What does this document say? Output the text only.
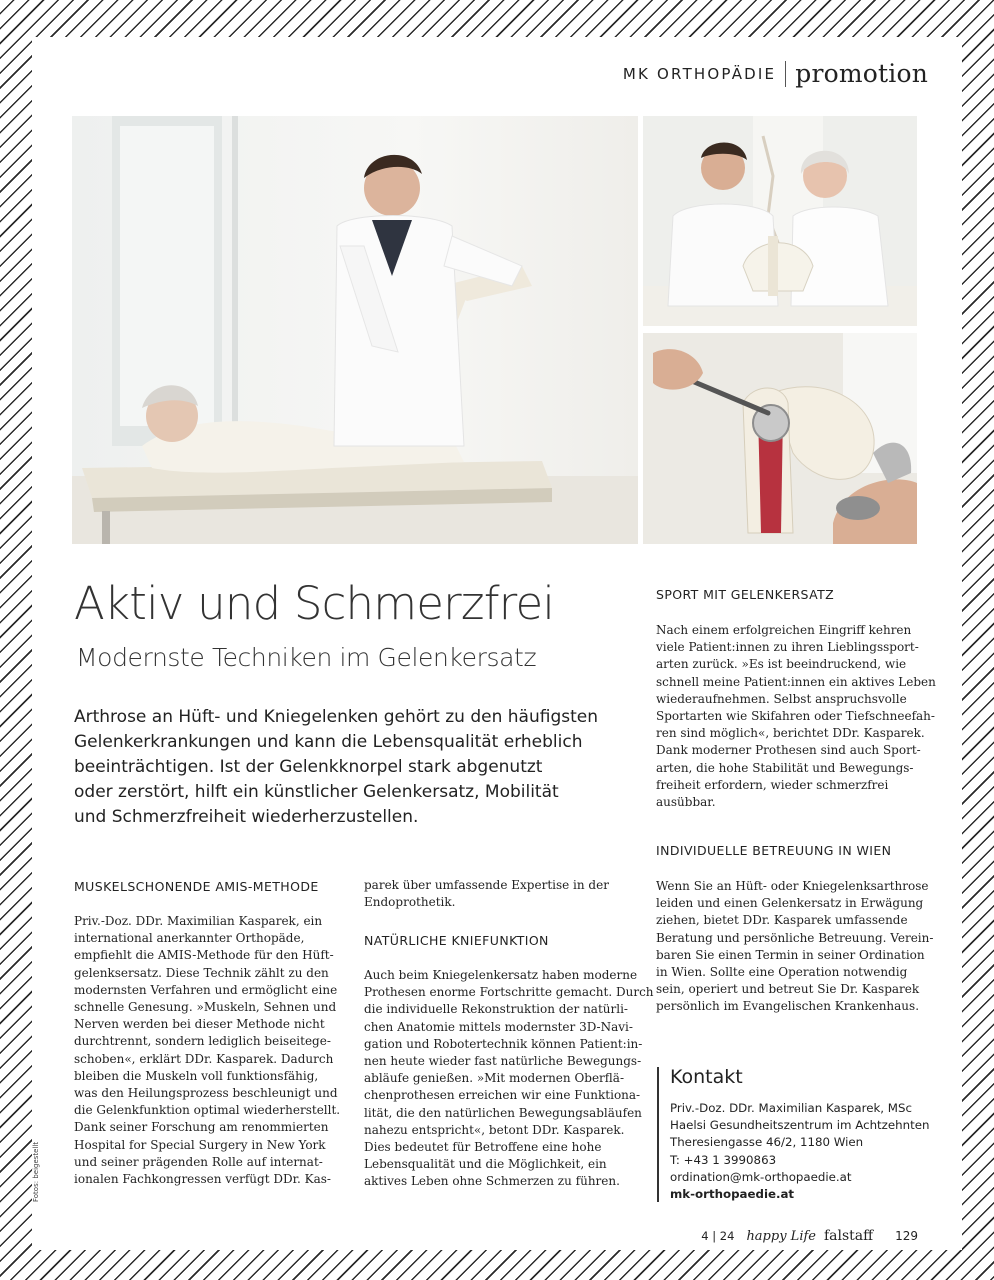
MK ORTHOPÄDIE promotion
Aktiv und Schmerzfrei
Modernste Techniken im Gelenkersatz
Arthrose an Hüft- und Kniegelenken gehört zu den häufigsten
Gelenkerkrankungen und kann die Lebensqualität erheblich
beeinträchtigen. Ist der Gelenkknorpel stark abgenutzt
oder zerstört, hilft ein künstlicher Gelenkersatz, Mobilität
und Schmerzfreiheit wiederherzustellen.
MUSKELSCHONENDE AMIS-METHODE
Priv.-Doz. DDr. Maximilian Kasparek, ein
international anerkannter Orthopäde,
empfiehlt die AMIS-Methode für den Hüft-
gelenksersatz. Diese Technik zählt zu den
modernsten Verfahren und ermöglicht eine
schnelle Genesung. »Muskeln, Sehnen und
Nerven werden bei dieser Methode nicht
durchtrennt, sondern lediglich beiseitege-
schoben«, erklärt DDr. Kasparek. Dadurch
bleiben die Muskeln voll funktionsfähig,
was den Heilungsprozess beschleunigt und
die Gelenkfunktion optimal wiederherstellt.
Dank seiner Forschung am renommierten
Hospital for Special Surgery in New York
und seiner prägenden Rolle auf internat-
ionalen Fachkongressen verfügt DDr. Kas-
parek über umfassende Expertise in der
Endoprothetik.
NATÜRLICHE KNIEFUNKTION
Auch beim Kniegelenkersatz haben moderne
Prothesen enorme Fortschritte gemacht. Durch
die individuelle Rekonstruktion der natürli-
chen Anatomie mittels modernster 3D-Navi-
gation und Robotertechnik können Patient:in-
nen heute wieder fast natürliche Bewegungs-
abläufe genießen. »Mit modernen Oberflä-
chenprothesen erreichen wir eine Funktiona-
lität, die den natürlichen Bewegungsabläufen
nahezu entspricht«, betont DDr. Kasparek.
Dies bedeutet für Betroffene eine hohe
Lebensqualität und die Möglichkeit, ein
aktives Leben ohne Schmerzen zu führen.
SPORT MIT GELENKERSATZ
Nach einem erfolgreichen Eingriff kehren
viele Patient:innen zu ihren Lieblingssport-
arten zurück. »Es ist beeindruckend, wie
schnell meine Patient:innen ein aktives Leben
wiederaufnehmen. Selbst anspruchsvolle
Sportarten wie Skifahren oder Tiefschneefah-
ren sind möglich«, berichtet DDr. Kasparek.
Dank moderner Prothesen sind auch Sport-
arten, die hohe Stabilität und Bewegungs-
freiheit erfordern, wieder schmerzfrei
ausübbar.
INDIVIDUELLE BETREUUNG IN WIEN
Wenn Sie an Hüft- oder Kniegelenksarthrose
leiden und einen Gelenkersatz in Erwägung
ziehen, bietet DDr. Kasparek umfassende
Beratung und persönliche Betreuung. Verein-
baren Sie einen Termin in seiner Ordination
in Wien. Sollte eine Operation notwendig
sein, operiert und betreut Sie Dr. Kasparek
persönlich im Evangelischen Krankenhaus.
Kontakt
Priv.-Doz. DDr. Maximilian Kasparek, MSc
Haelsi Gesundheitszentrum im Achtzehnten
Theresiengasse 46/2, 1180 Wien
T: +43 1 3990863
ordination@mk-orthopaedie.at
mk-orthopaedie.at
Fotos: beigestellt
4 | 24 happy Life falstaff 129
